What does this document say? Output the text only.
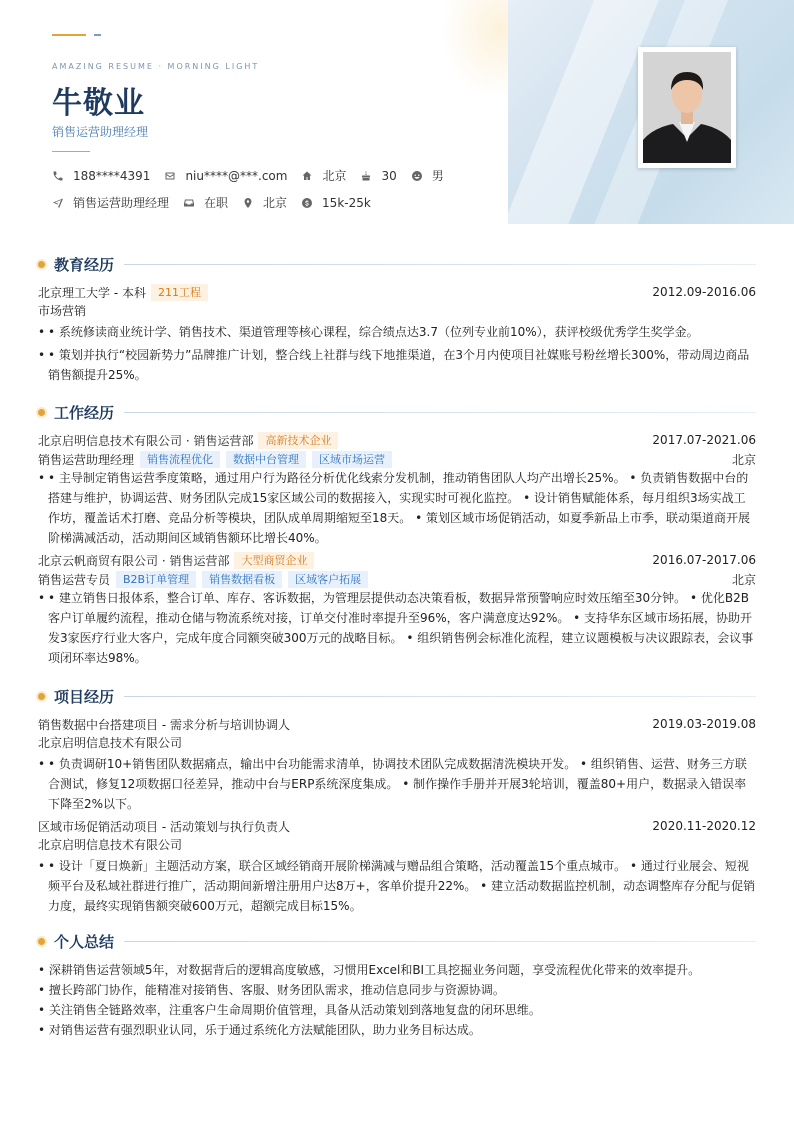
AMAZING RESUME · MORNING LIGHT
牛敬业
销售运营助理经理
188****4391	niu****@***.com	北京	30	男
销售运营助理经理	在职	北京	15k-25k
教育经历
北京理工大学 - 本科	211工程	2012.09-2016.06
市场营销
• • 系统修读商业统计学、销售技术、渠道管理等核心课程，综合绩点达3.7（位列专业前10%），获评校级优秀学生奖学金。
• • 策划并执行“校园新势力”品牌推广计划，整合线上社群与线下地推渠道，在3个月内使项目社媒账号粉丝增长300%，带动周边商品销售额提升25%。
工作经历
北京启明信息技术有限公司 · 销售运营部	高新技术企业	2017.07-2021.06
销售运营助理经理	销售流程优化	数据中台管理	区域市场运营	北京
• • 主导制定销售运营季度策略，通过用户行为路径分析优化线索分发机制，推动销售团队人均产出增长25%。 • 负责销售数据中台的搭建与维护，协调运营、财务团队完成15家区域公司的数据接入，实现实时可视化监控。 • 设计销售赋能体系，每月组织3场实战工作坊，覆盖话术打磨、竞品分析等模块，团队成单周期缩短至18天。 • 策划区域市场促销活动，如夏季新品上市季，联动渠道商开展阶梯满减活动，活动期间区域销售额环比增长40%。
北京云帆商贸有限公司 · 销售运营部	大型商贸企业	2016.07-2017.06
销售运营专员	B2B订单管理	销售数据看板	区域客户拓展	北京
• • 建立销售日报体系，整合订单、库存、客诉数据，为管理层提供动态决策看板，数据异常预警响应时效压缩至30分钟。 • 优化B2B客户订单履约流程，推动仓储与物流系统对接，订单交付准时率提升至96%，客户满意度达92%。 • 支持华东区域市场拓展，协助开发3家医疗行业大客户，完成年度合同额突破300万元的战略目标。 • 组织销售例会标准化流程，建立议题模板与决议跟踪表，会议事项闭环率达98%。
项目经历
销售数据中台搭建项目 - 需求分析与培训协调人	2019.03-2019.08
北京启明信息技术有限公司
• • 负责调研10+销售团队数据痛点，输出中台功能需求清单，协调技术团队完成数据清洗模块开发。 • 组织销售、运营、财务三方联合测试，修复12项数据口径差异，推动中台与ERP系统深度集成。 • 制作操作手册并开展3轮培训，覆盖80+用户，数据录入错误率下降至2%以下。
区域市场促销活动项目 - 活动策划与执行负责人	2020.11-2020.12
北京启明信息技术有限公司
• • 设计「夏日焕新」主题活动方案，联合区域经销商开展阶梯满减与赠品组合策略，活动覆盖15个重点城市。 • 通过行业展会、短视频平台及私域社群进行推广，活动期间新增注册用户达8万+，客单价提升22%。 • 建立活动数据监控机制，动态调整库存分配与促销力度，最终实现销售额突破600万元，超额完成目标15%。
个人总结
• 深耕销售运营领域5年，对数据背后的逻辑高度敏感，习惯用Excel和BI工具挖掘业务问题，享受流程优化带来的效率提升。
• 擅长跨部门协作，能精准对接销售、客服、财务团队需求，推动信息同步与资源协调。
• 关注销售全链路效率，注重客户生命周期价值管理，具备从活动策划到落地复盘的闭环思维。
• 对销售运营有强烈职业认同，乐于通过系统化方法赋能团队，助力业务目标达成。
